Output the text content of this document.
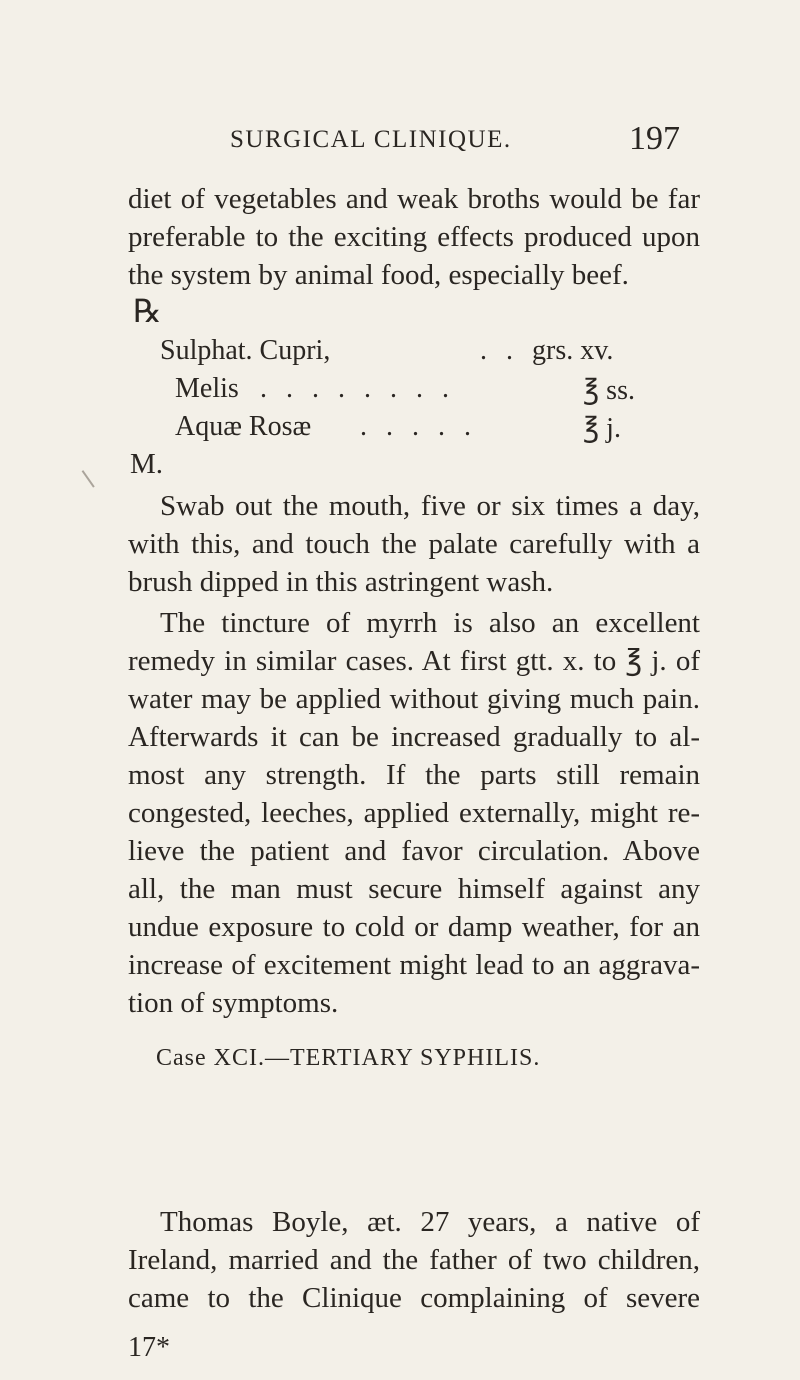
SURGICAL CLINIQUE.	197
diet of vegetables and weak broths would be far
preferable to the exciting effects produced upon
the system by animal food, especially beef.
℞
Sulphat. Cupri,	. . grs. xv.
Melis . . . . . . . .	℥ ss.
Aquæ Rosæ . . . . .	℥ j.
M.
Swab out the mouth, five or six times a day,
with this, and touch the palate carefully with a
brush dipped in this astringent wash.
The tincture of myrrh is also an excellent
remedy in similar cases. At first gtt. x. to ℥ j. of
water may be applied without giving much pain.
Afterwards it can be increased gradually to al-
most any strength. If the parts still remain
congested, leeches, applied externally, might re-
lieve the patient and favor circulation. Above
all, the man must secure himself against any
undue exposure to cold or damp weather, for an
increase of excitement might lead to an aggrava-
tion of symptoms.
Case XCI.—TERTIARY SYPHILIS.
Thomas Boyle, æt. 27 years, a native of
Ireland, married and the father of two children,
came to the Clinique complaining of severe
17*
